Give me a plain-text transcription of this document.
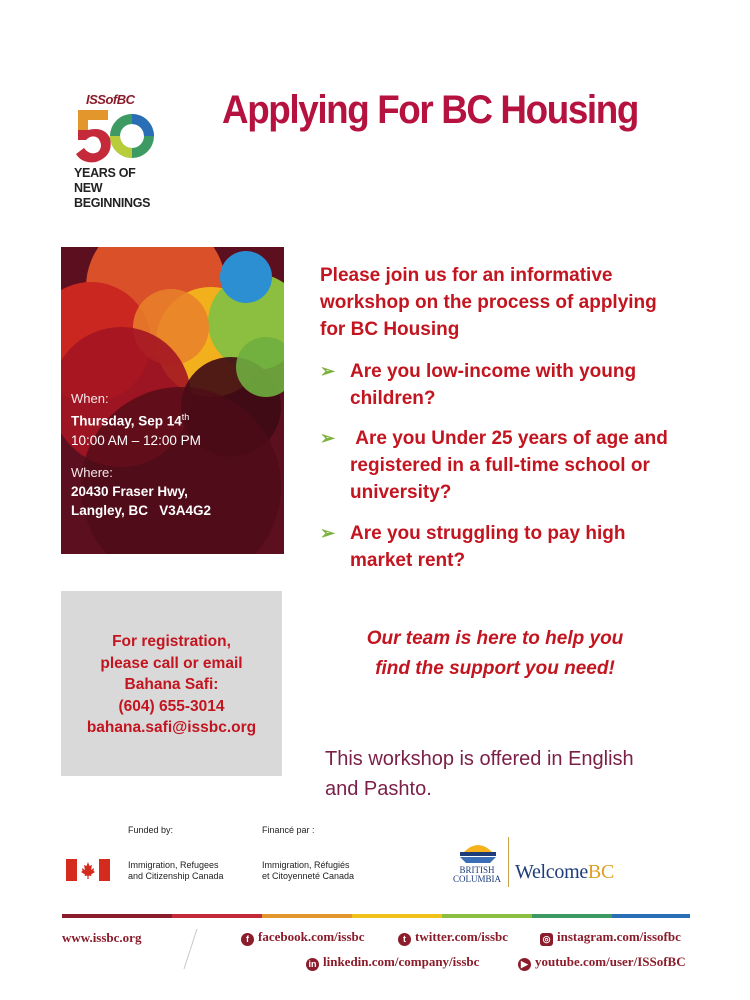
ISSofBC
YEARS OF NEW
BEGINNINGS
Applying For BC Housing
When:
Thursday, Sep 14th
10:00 AM – 12:00 PM
Where:
20430 Fraser Hwy,
Langley, BC   V3A4G2
Please join us for an informative workshop on the process of applying for BC Housing
➢ Are you low-income with young children?
➢ Are you Under 25 years of age and registered in a full-time school or university?
➢ Are you struggling to pay high market rent?
For registration,
please call or email
Bahana Safi:
(604) 655-3014
bahana.safi@issbc.org
Our team is here to help you
find the support you need!
This workshop is offered in English
and Pashto.
Funded by:	Financé par :
Immigration, Refugees
and Citizenship Canada
Immigration, Réfugiés
et Citoyenneté Canada
BRITISH
COLUMBIA WelcomeBC
www.issbc.org	f facebook.com/issbc	t twitter.com/issbc	◎ instagram.com/issofbc
in linkedin.com/company/issbc	▶ youtube.com/user/ISSofBC
